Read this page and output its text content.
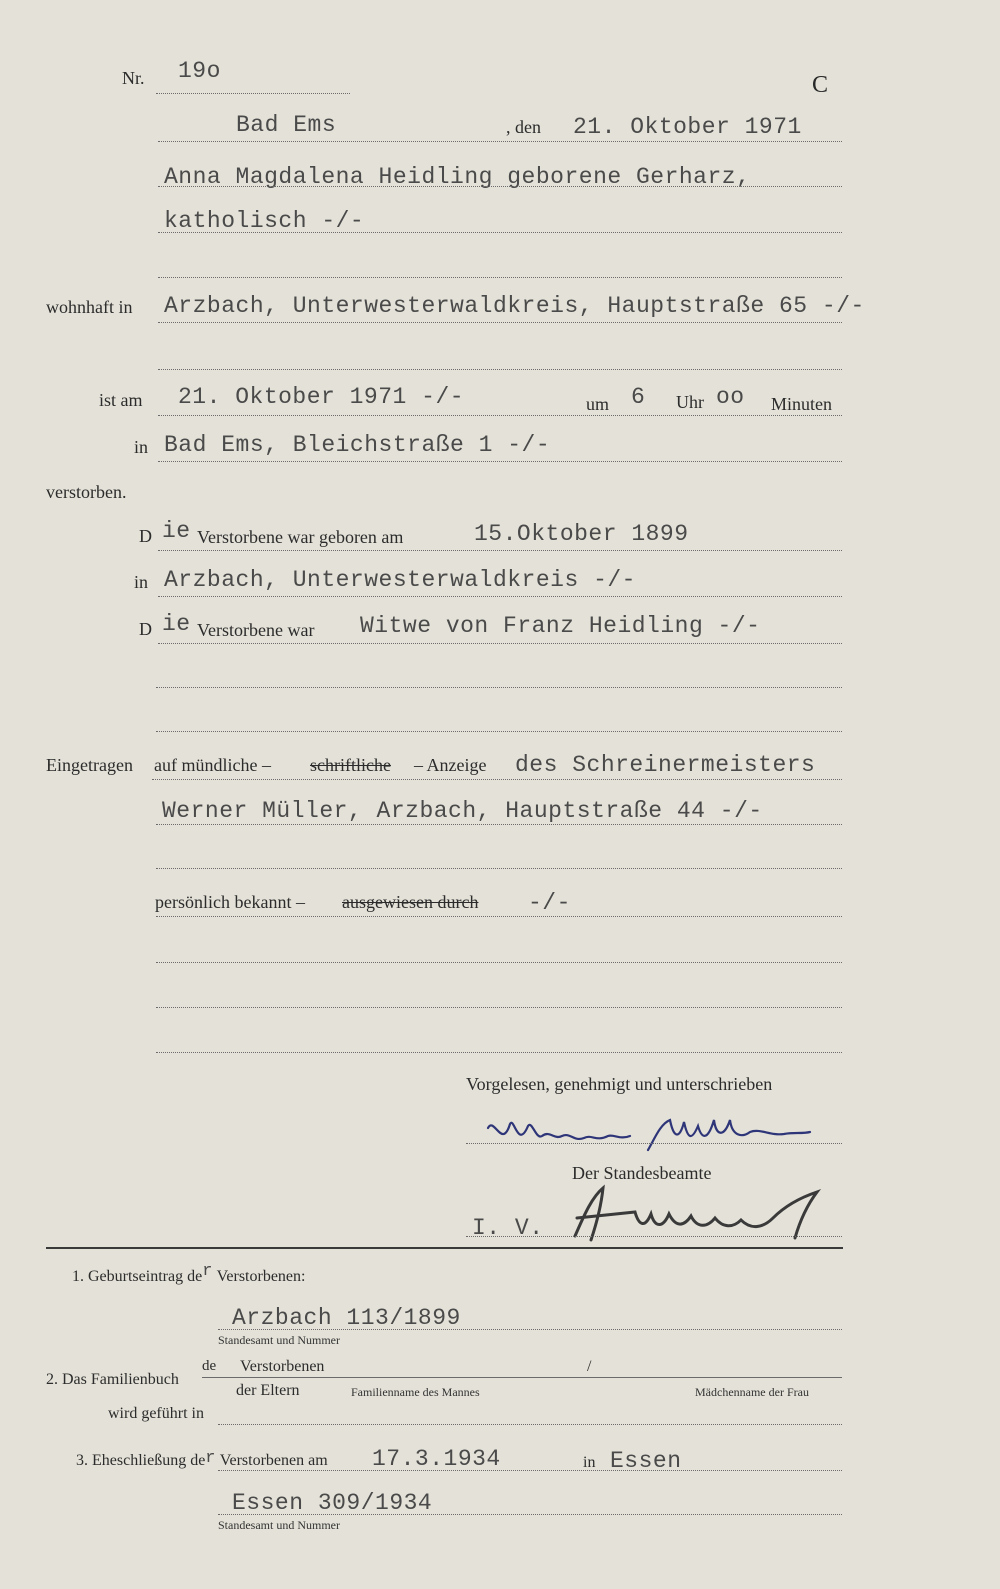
Nr. 19o
C
Bad Ems	, den 21. Oktober 1971
Anna Magdalena Heidling geborene Gerharz,
katholisch -/-
wohnhaft in Arzbach, Unterwesterwaldkreis, Hauptstraße 65 -/-
ist am 21. Oktober 1971 -/-	um 6 Uhr oo Minuten
in Bad Ems, Bleichstraße 1 -/-
verstorben.
D ie Verstorbene war geboren am	15.Oktober 1899
in Arzbach, Unterwesterwaldkreis -/-
D ie Verstorbene war Witwe von Franz Heidling -/-
Eingetragen auf mündliche – schriftliche – Anzeige des Schreinermeisters
Werner Müller, Arzbach, Hauptstraße 44 -/-
persönlich bekannt – ausgewiesen durch -/-
Vorgelesen, genehmigt und unterschrieben
Der Standesbeamte
I. V.
1. Geburtseintrag der Verstorbenen:
Arzbach 113/1899
Standesamt und Nummer
2. Das Familienbuch
de Verstorbenen	/
der Eltern	Familienname des Mannes	Mädchenname der Frau
wird geführt in
3. Eheschließung der Verstorbenen am 17.3.1934	in Essen
Essen 309/1934
Standesamt und Nummer
